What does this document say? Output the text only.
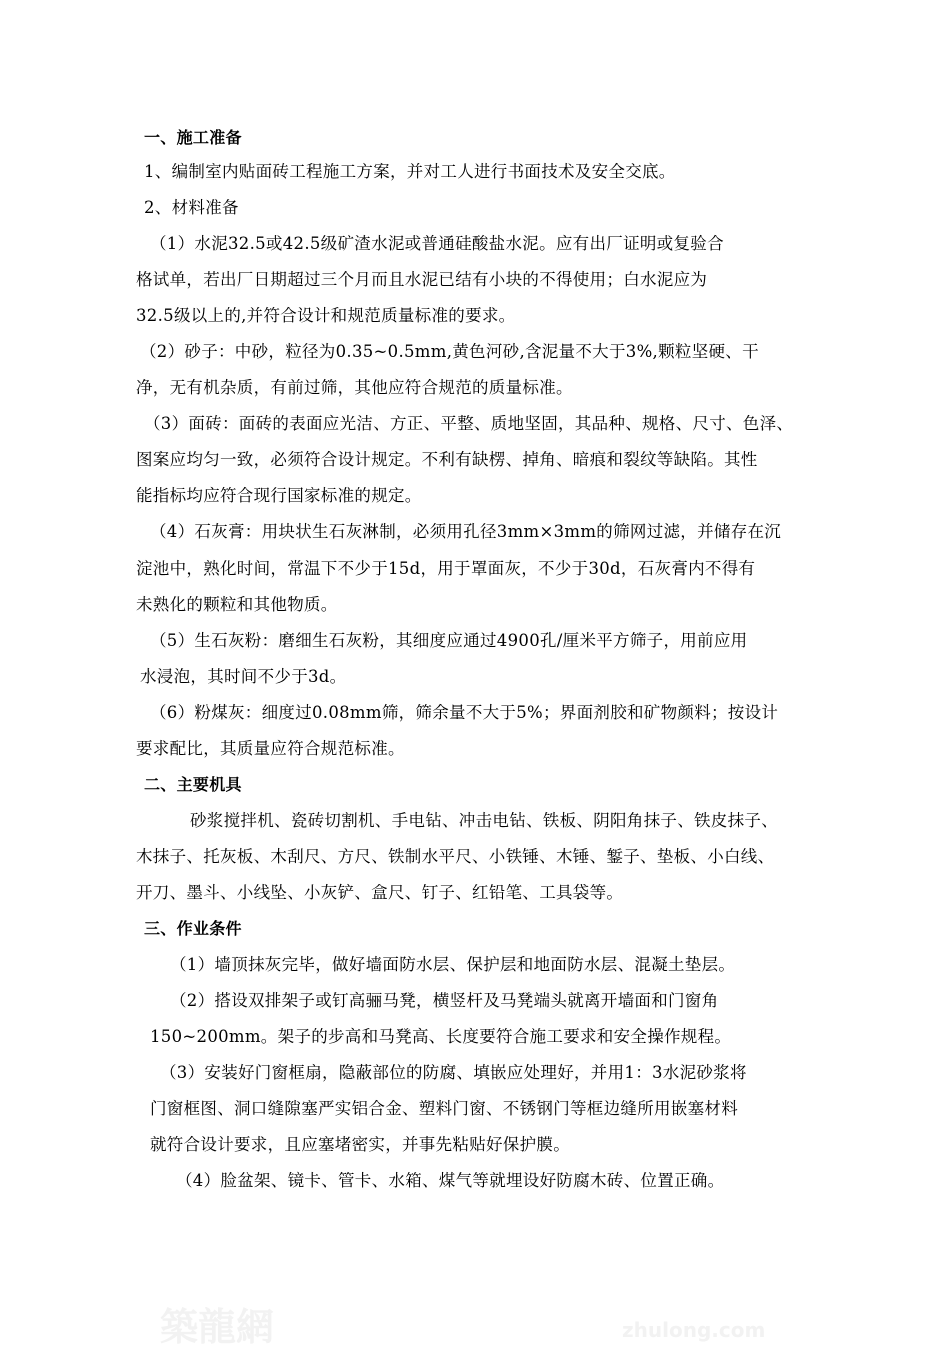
一、施工准备
1、编制室内贴面砖工程施工方案，并对工人进行书面技术及安全交底。
2、材料准备
（1）水泥32.5或42.5级矿渣水泥或普通硅酸盐水泥。应有出厂证明或复验合
格试单，若出厂日期超过三个月而且水泥已结有小块的不得使用；白水泥应为
32.5级以上的,并符合设计和规范质量标准的要求。
（2）砂子：中砂，粒径为0.35~0.5mm,黄色河砂,含泥量不大于3%,颗粒坚硬、干
净，无有机杂质，有前过筛，其他应符合规范的质量标准。
（3）面砖：面砖的表面应光洁、方正、平整、质地坚固，其品种、规格、尺寸、色泽、
图案应均匀一致，必须符合设计规定。不利有缺楞、掉角、暗痕和裂纹等缺陷。其性
能指标均应符合现行国家标准的规定。
（4）石灰膏：用块状生石灰淋制，必须用孔径3mm×3mm的筛网过滤，并储存在沉
淀池中，熟化时间，常温下不少于15d，用于罩面灰，不少于30d，石灰膏内不得有
未熟化的颗粒和其他物质。
（5）生石灰粉：磨细生石灰粉，其细度应通过4900孔/厘米平方筛子，用前应用
水浸泡，其时间不少于3d。
（6）粉煤灰：细度过0.08mm筛，筛余量不大于5%；界面剂胶和矿物颜料；按设计
要求配比，其质量应符合规范标准。
二、主要机具
砂浆搅拌机、瓷砖切割机、手电钻、冲击电钻、铁板、阴阳角抹子、铁皮抹子、
木抹子、托灰板、木刮尺、方尺、铁制水平尺、小铁锤、木锤、錾子、垫板、小白线、
开刀、墨斗、小线坠、小灰铲、盒尺、钉子、红铅笔、工具袋等。
三、作业条件
（1）墙顶抹灰完毕，做好墙面防水层、保护层和地面防水层、混凝土垫层。
（2）搭设双排架子或钉高骊马凳，横竖杆及马凳端头就离开墙面和门窗角
150~200mm。架子的步高和马凳高、长度要符合施工要求和安全操作规程。
（3）安装好门窗框扇，隐蔽部位的防腐、填嵌应处理好，并用1：3水泥砂浆将
门窗框图、洞口缝隙塞严实铝合金、塑料门窗、不锈钢门等框边缝所用嵌塞材料
就符合设计要求，且应塞堵密实，并事先粘贴好保护膜。
（4）脸盆架、镜卡、管卡、水箱、煤气等就埋设好防腐木砖、位置正确。
築龍網	zhulong.com
